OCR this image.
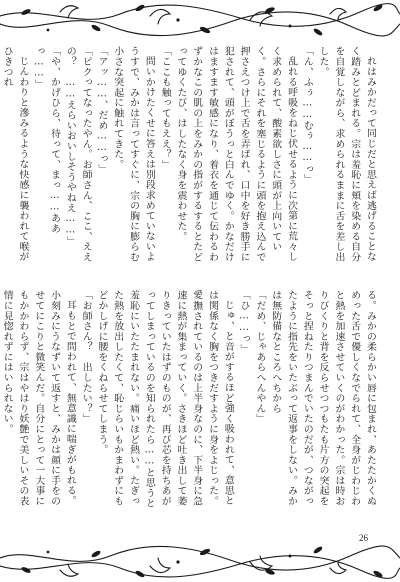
れはみかだって同じだと思えば逃げることなく踏みとどまれる。宗は羞恥に頬を染める自分を自覚しながら、求められるままに舌を差し出した。

「ん、ふぅ……むぅ……っ」

乱れる呼吸をねじ伏せるように次第に荒々しく求められて、酸素欲しさに頭が上向いていく。さらにそれを塞じるように頭を抱え込んで押さえつけ上で舌を弄ばれ、口中を好き勝手に犯されて、頭がぼうっと白んでゆく。かなだけはますます敏感になり、着衣を通じて伝わるわずかなこの肌の上をみかの指がするするとたどってゆくたび、はしたなく身を震わせた。

「ここも触ってもええ？」

問いかけたくせに答えは別段求めていないようすで、みかは言ってすぐに、宗の胸に膨らむ小さな突起に触れてきた。

「アッ……、だめ……っ」

「ピクってなったやん。お師さん、ここ、ええの？　……えらいおいしそうやねえ……」

「や、かげひら、待って、まっ……ああっ……」

じんわりと滲みるような快感に襲われて喉がひきつれ

る。みかの柔らかい唇に包まれ、あたたかくぬめった舌で優しくなでられて、全身がじわじわと熱を加速させていくのがわかった。宗は時おりびくりと背を反らせつつもたも片方の突起をそっと捏ねたりつまんでいたのだが、つながったように指先をいたぶって返事をしない。みかは無防備なところへちから

「だめ、じゃあらへんやん」

「ひ……っ」

じゅ、と音がするほど強く吸われて、意思とは関係なく胸をつきだすように身をよじった。愛撫されているのは上半身なのに、下半身に急速に熱が集まっていく。さきほど吐き出して萎りきっていたはずのものが、再び芯を持ちあがってしまっているのを知られたら……と思うと羞恥にいたたまれない。痛いほど熱い。たぎった熱を放出したくて、恥じらいもかまわずにもどかしげに腰をくねらせてしまう。

「お師さん？　出したい？」

耳もとで問われて、無意識に喘ぎがもれる。小刻みにうなずいて返すと、みかは顔に手をのせてにこりと微笑んだ。自分にとって一大事にもかかわらず、宗はやはり妖艶で美しいその表情に見惚れずにはいられない。

26
